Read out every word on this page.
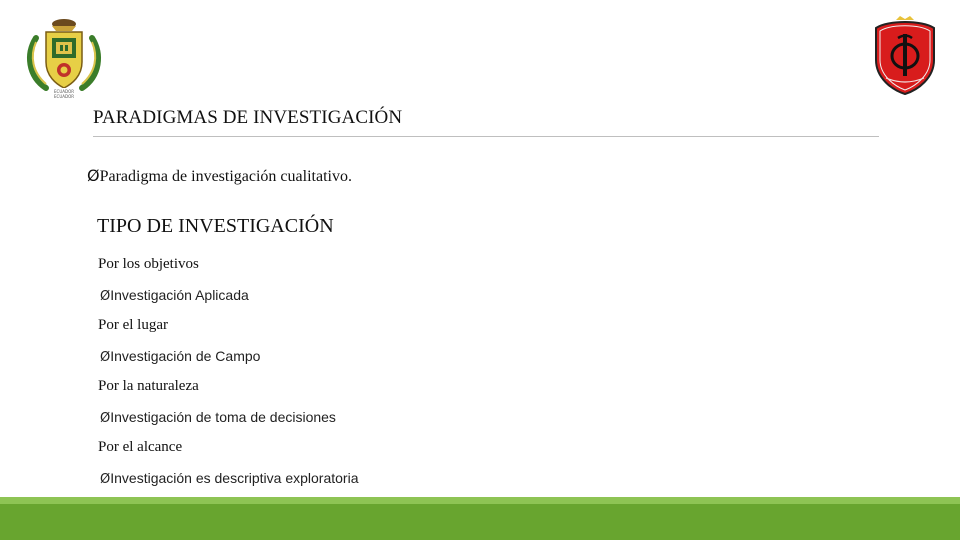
ECUADOR
ECUADOR
PARADIGMAS DE INVESTIGACIÓN
ØParadigma de investigación cualitativo.
TIPO DE INVESTIGACIÓN
Por los objetivos
ØInvestigación Aplicada
Por el lugar
ØInvestigación de Campo
Por la naturaleza
ØInvestigación de toma de decisiones
Por el alcance
ØInvestigación es descriptiva exploratoria
